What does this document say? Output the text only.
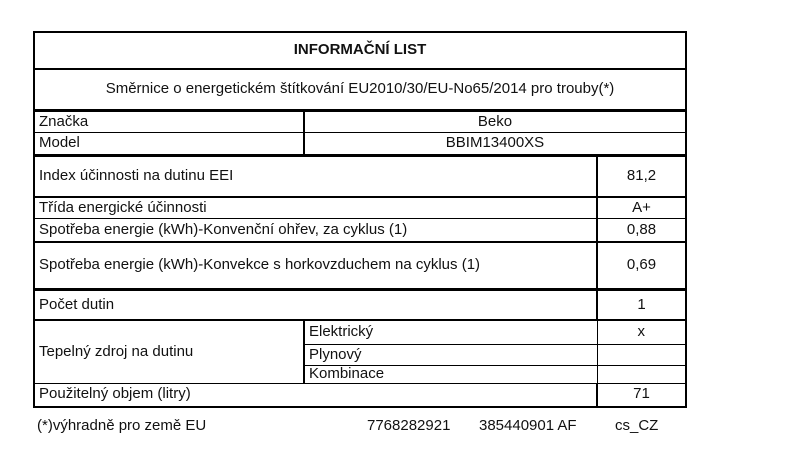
INFORMAČNÍ LIST		
Směrnice o energetickém štítkování EU2010/30/EU-No65/2014 pro trouby(*)		
Značka	Beko	
Model	BBIM13400XS	
Index účinnosti na dutinu EEI		81,2
Třída energické účinnosti		A+
Spotřeba energie (kWh)-Konvenční ohřev, za cyklus (1)		0,88
Spotřeba energie (kWh)-Konvekce s horkovzduchem na cyklus (1)		0,69
Počet dutin		1
Tepelný zdroj na dutinu	Elektrický	x
	Plynový	
	Kombinace	
Použitelný objem (litry)		71
(*)výhradně pro země EU	7768282921 385440901 AF	cs_CZ
